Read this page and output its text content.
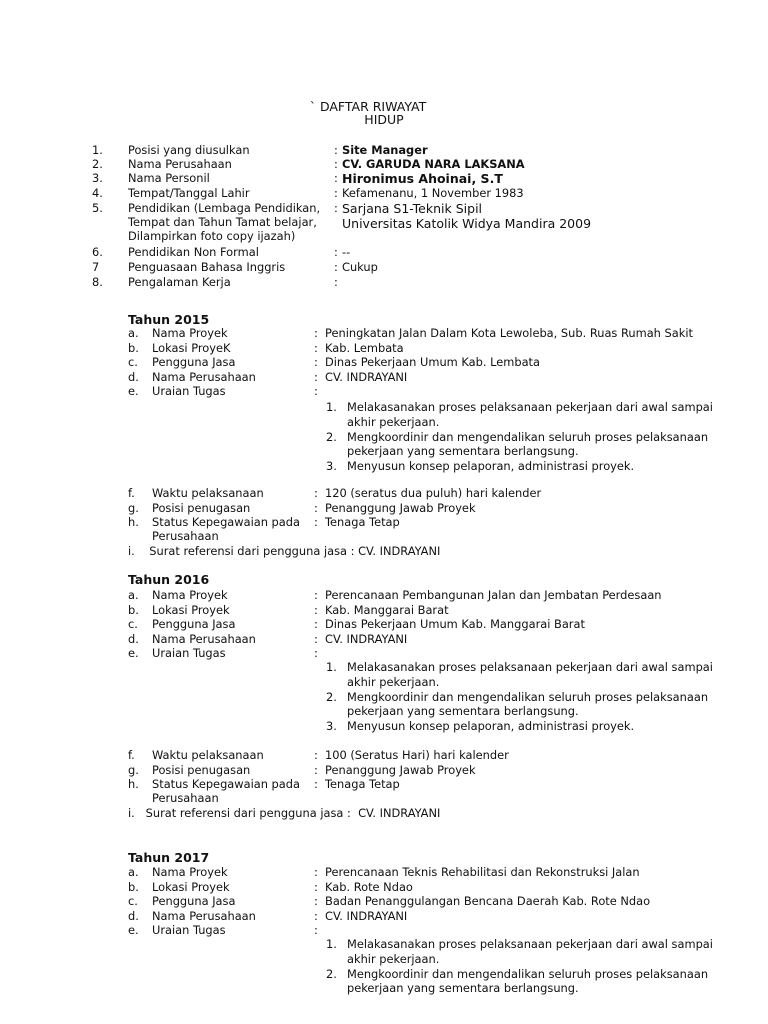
` DAFTAR RIWAYAT
HIDUP
1. Posisi yang diusulkan	: Site Manager
2. Nama Perusahaan	: CV. GARUDA NARA LAKSANA
3. Nama Personil	: Hironimus Ahoinai, S.T
4. Tempat/Tanggal Lahir	: Kefamenanu, 1 November 1983
5. Pendidikan (Lembaga Pendidikan,
Tempat dan Tahun Tamat belajar,
Dilampirkan foto copy ijazah)
: Sarjana S1-Teknik Sipil
Universitas Katolik Widya Mandira 2009
6. Pendidikan Non Formal	: --
7	Penguasaan Bahasa Inggris	: Cukup
8. Pengalaman Kerja	:
Tahun 2015
a. Nama Proyek	: Peningkatan Jalan Dalam Kota Lewoleba, Sub. Ruas Rumah Sakit
b. Lokasi ProyeK	: Kab. Lembata
c. Pengguna Jasa	: Dinas Pekerjaan Umum Kab. Lembata
d. Nama Perusahaan	: CV. INDRAYANI
e. Uraian Tugas	:
1. Melakasanakan proses pelaksanaan pekerjaan dari awal sampai akhir pekerjaan.
2. Mengkoordinir dan mengendalikan seluruh proses pelaksanaan pekerjaan yang sementara berlangsung.
3. Menyusun konsep pelaporan, administrasi proyek.
f. Waktu pelaksanaan	: 120 (seratus dua puluh) hari kalender
g. Posisi penugasan	: Penanggung Jawab Proyek
h. Status Kepegawaian pada
Perusahaan
: Tenaga Tetap
i.    Surat referensi dari pengguna jasa : CV. INDRAYANI
Tahun 2016
a. Nama Proyek	: Perencanaan Pembangunan Jalan dan Jembatan Perdesaan
b. Lokasi Proyek	: Kab. Manggarai Barat
c. Pengguna Jasa	: Dinas Pekerjaan Umum Kab. Manggarai Barat
d. Nama Perusahaan	: CV. INDRAYANI
e. Uraian Tugas	:
1. Melakasanakan proses pelaksanaan pekerjaan dari awal sampai akhir pekerjaan.
2. Mengkoordinir dan mengendalikan seluruh proses pelaksanaan pekerjaan yang sementara berlangsung.
3. Menyusun konsep pelaporan, administrasi proyek.
f. Waktu pelaksanaan	: 100 (Seratus Hari) hari kalender
g. Posisi penugasan	: Penanggung Jawab Proyek
h. Status Kepegawaian pada
Perusahaan
: Tenaga Tetap
i.   Surat referensi dari pengguna jasa :  CV. INDRAYANI
Tahun 2017
a. Nama Proyek	: Perencanaan Teknis Rehabilitasi dan Rekonstruksi Jalan
b. Lokasi Proyek	: Kab. Rote Ndao
c. Pengguna Jasa	: Badan Penanggulangan Bencana Daerah Kab. Rote Ndao
d. Nama Perusahaan	: CV. INDRAYANI
e. Uraian Tugas	:
1. Melakasanakan proses pelaksanaan pekerjaan dari awal sampai akhir pekerjaan.
2. Mengkoordinir dan mengendalikan seluruh proses pelaksanaan pekerjaan yang sementara berlangsung.
